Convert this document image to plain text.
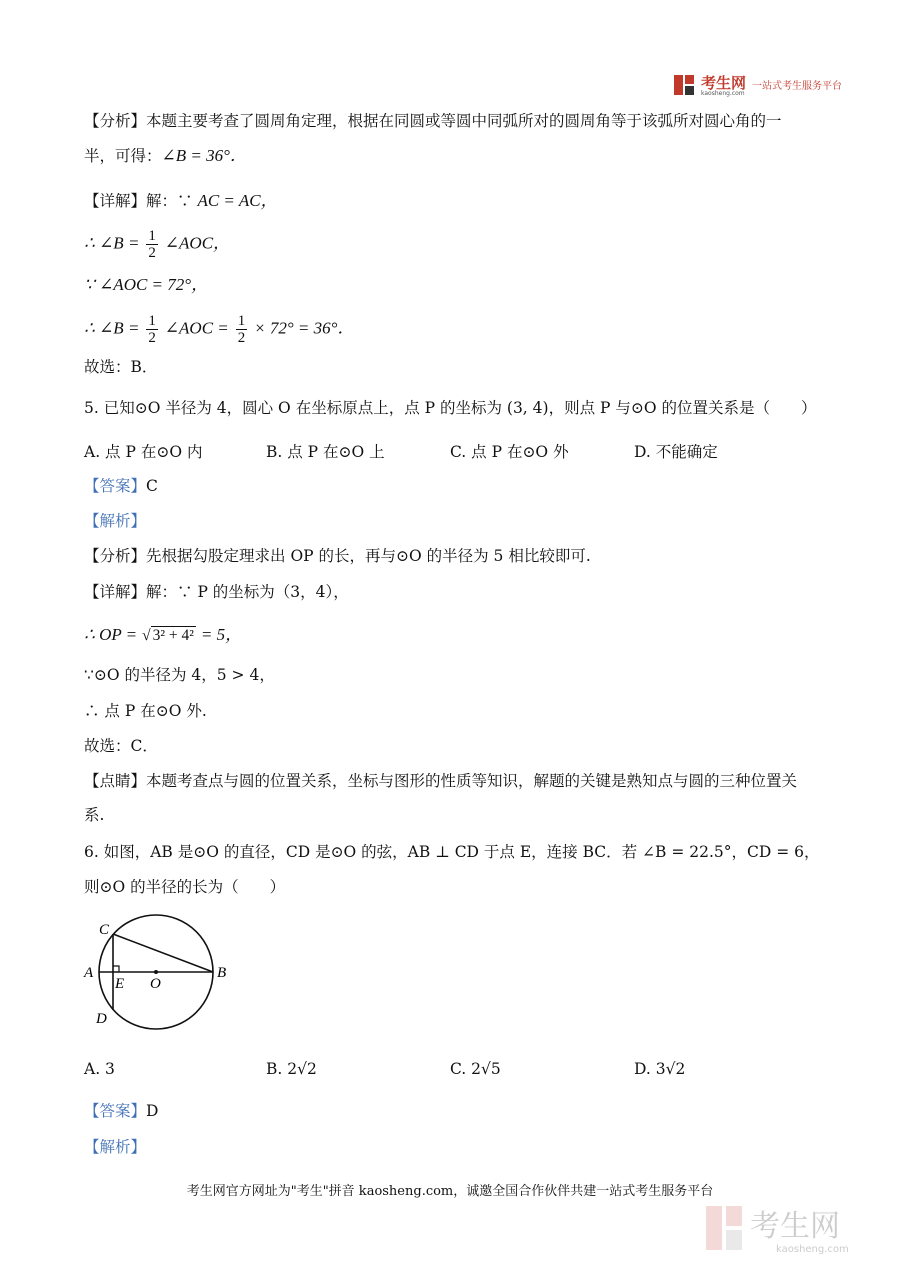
考生网
kaosheng.com
一站式考生服务平台
【分析】本题主要考查了圆周角定理，根据在同圆或等圆中同弧所对的圆周角等于该弧所对圆心角的一
半，可得：∠B = 36°．
【详解】解：∵ AC = AC，
∴ ∠B = $\frac{1}{2}$ ∠AOC，
∵ ∠AOC = 72°，
∴ ∠B = $\frac{1}{2}$ ∠AOC = $\frac{1}{2} \times 72^\circ = 36^\circ$．
故选：B．
5. 已知⊙O 半径为 4，圆心 O 在坐标原点上，点 P 的坐标为 (3, 4)，则点 P 与⊙O 的位置关系是（　　）
A. 点 P 在⊙O 内	B. 点 P 在⊙O 上	C. 点 P 在⊙O 外	D. 不能确定
【答案】C
【解析】
【分析】先根据勾股定理求出 OP 的长，再与⊙O 的半径为 5 相比较即可.
【详解】解：∵ P 的坐标为（3，4），
∴ OP = √ 3² + 4² = 5，
∵⊙O 的半径为 4，5 > 4，
∴ 点 P 在⊙O 外.
故选：C．
【点睛】本题考查点与圆的位置关系，坐标与图形的性质等知识，解题的关键是熟知点与圆的三种位置关
系.
6. 如图，AB 是⊙O 的直径，CD 是⊙O 的弦，AB ⊥ CD 于点 E，连接 BC．若 ∠B = 22.5°，CD = 6，
则⊙O 的半径的长为（　　）
C
A
E O
B
D
A. 3	B. 2√2	C. 2√5	D. 3√2
【答案】D
【解析】
考生网官方网址为"考生"拼音 kaosheng.com，诚邀全国合作伙伴共建一站式考生服务平台
考生网
kaosheng.com
